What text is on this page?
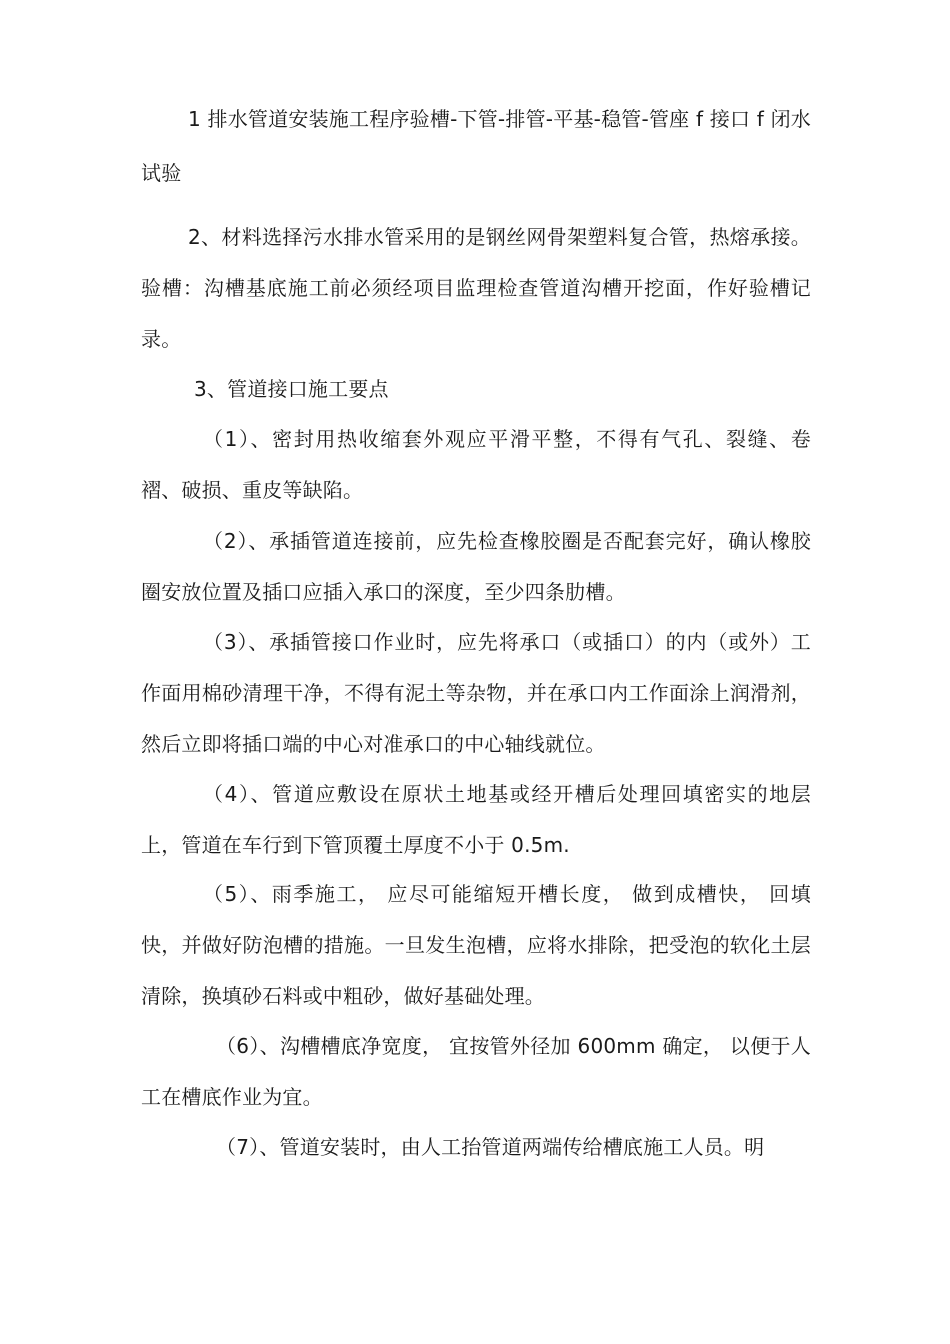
1 排水管道安装施工程序验槽-下管-排管-平基-稳管-管座 f 接口 f 闭水试验

2、材料选择污水排水管采用的是钢丝网骨架塑料复合管，热熔承接。验槽：沟槽基底施工前必须经项目监理检查管道沟槽开挖面，作好验槽记录。

3、管道接口施工要点

（1）、密封用热收缩套外观应平滑平整，不得有气孔、裂缝、卷褶、破损、重皮等缺陷。

（2）、承插管道连接前，应先检查橡胶圈是否配套完好，确认橡胶圈安放位置及插口应插入承口的深度，至少四条肋槽。

（3）、承插管接口作业时，应先将承口（或插口）的内（或外）工作面用棉砂清理干净，不得有泥土等杂物，并在承口内工作面涂上润滑剂，然后立即将插口端的中心对准承口的中心轴线就位。

（4）、管道应敷设在原状土地基或经开槽后处理回填密实的地层上，管道在车行到下管顶覆土厚度不小于 0.5m.

（5）、雨季施工， 应尽可能缩短开槽长度， 做到成槽快， 回填快，并做好防泡槽的措施。一旦发生泡槽，应将水排除，把受泡的软化土层清除，换填砂石料或中粗砂，做好基础处理。

（6）、沟槽槽底净宽度， 宜按管外径加 600mm 确定， 以便于人工在槽底作业为宜。

（7）、管道安装时，由人工抬管道两端传给槽底施工人员。明
